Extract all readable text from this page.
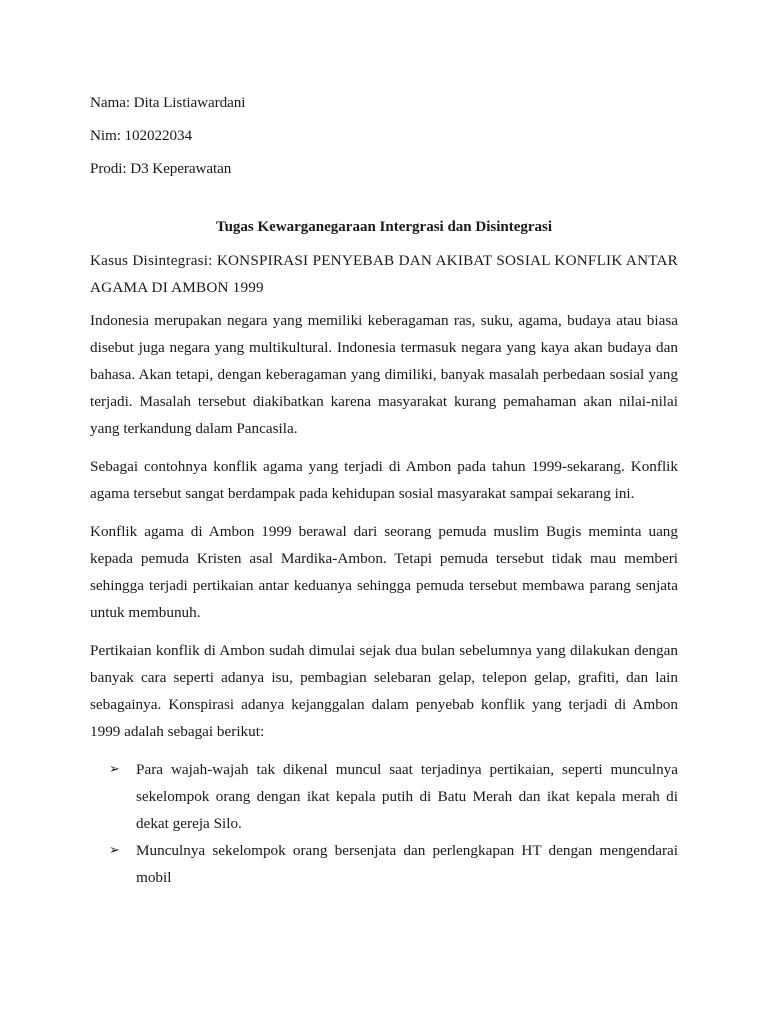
Nama: Dita Listiawardani
Nim: 102022034
Prodi: D3 Keperawatan
Tugas Kewarganegaraan Intergrasi dan Disintegrasi
Kasus Disintegrasi: KONSPIRASI PENYEBAB DAN AKIBAT SOSIAL KONFLIK ANTAR AGAMA DI AMBON 1999

Indonesia merupakan negara yang memiliki keberagaman ras, suku, agama, budaya atau biasa disebut juga negara yang multikultural. Indonesia termasuk negara yang kaya akan budaya dan bahasa. Akan tetapi, dengan keberagaman yang dimiliki, banyak masalah perbedaan sosial yang terjadi. Masalah tersebut diakibatkan karena masyarakat kurang pemahaman akan nilai-nilai yang terkandung dalam Pancasila.

Sebagai contohnya konflik agama yang terjadi di Ambon pada tahun 1999-sekarang. Konflik agama tersebut sangat berdampak pada kehidupan sosial masyarakat sampai sekarang ini.

Konflik agama di Ambon 1999 berawal dari seorang pemuda muslim Bugis meminta uang kepada pemuda Kristen asal Mardika-Ambon. Tetapi pemuda tersebut tidak mau memberi sehingga terjadi pertikaian antar keduanya sehingga pemuda tersebut membawa parang senjata untuk membunuh.

Pertikaian konflik di Ambon sudah dimulai sejak dua bulan sebelumnya yang dilakukan dengan banyak cara seperti adanya isu, pembagian selebaran gelap, telepon gelap, grafiti, dan lain sebagainya. Konspirasi adanya kejanggalan dalam penyebab konflik yang terjadi di Ambon 1999 adalah sebagai berikut:

➢ Para wajah-wajah tak dikenal muncul saat terjadinya pertikaian, seperti munculnya sekelompok orang dengan ikat kepala putih di Batu Merah dan ikat kepala merah di dekat gereja Silo.
➢ Munculnya sekelompok orang bersenjata dan perlengkapan HT dengan mengendarai mobil
